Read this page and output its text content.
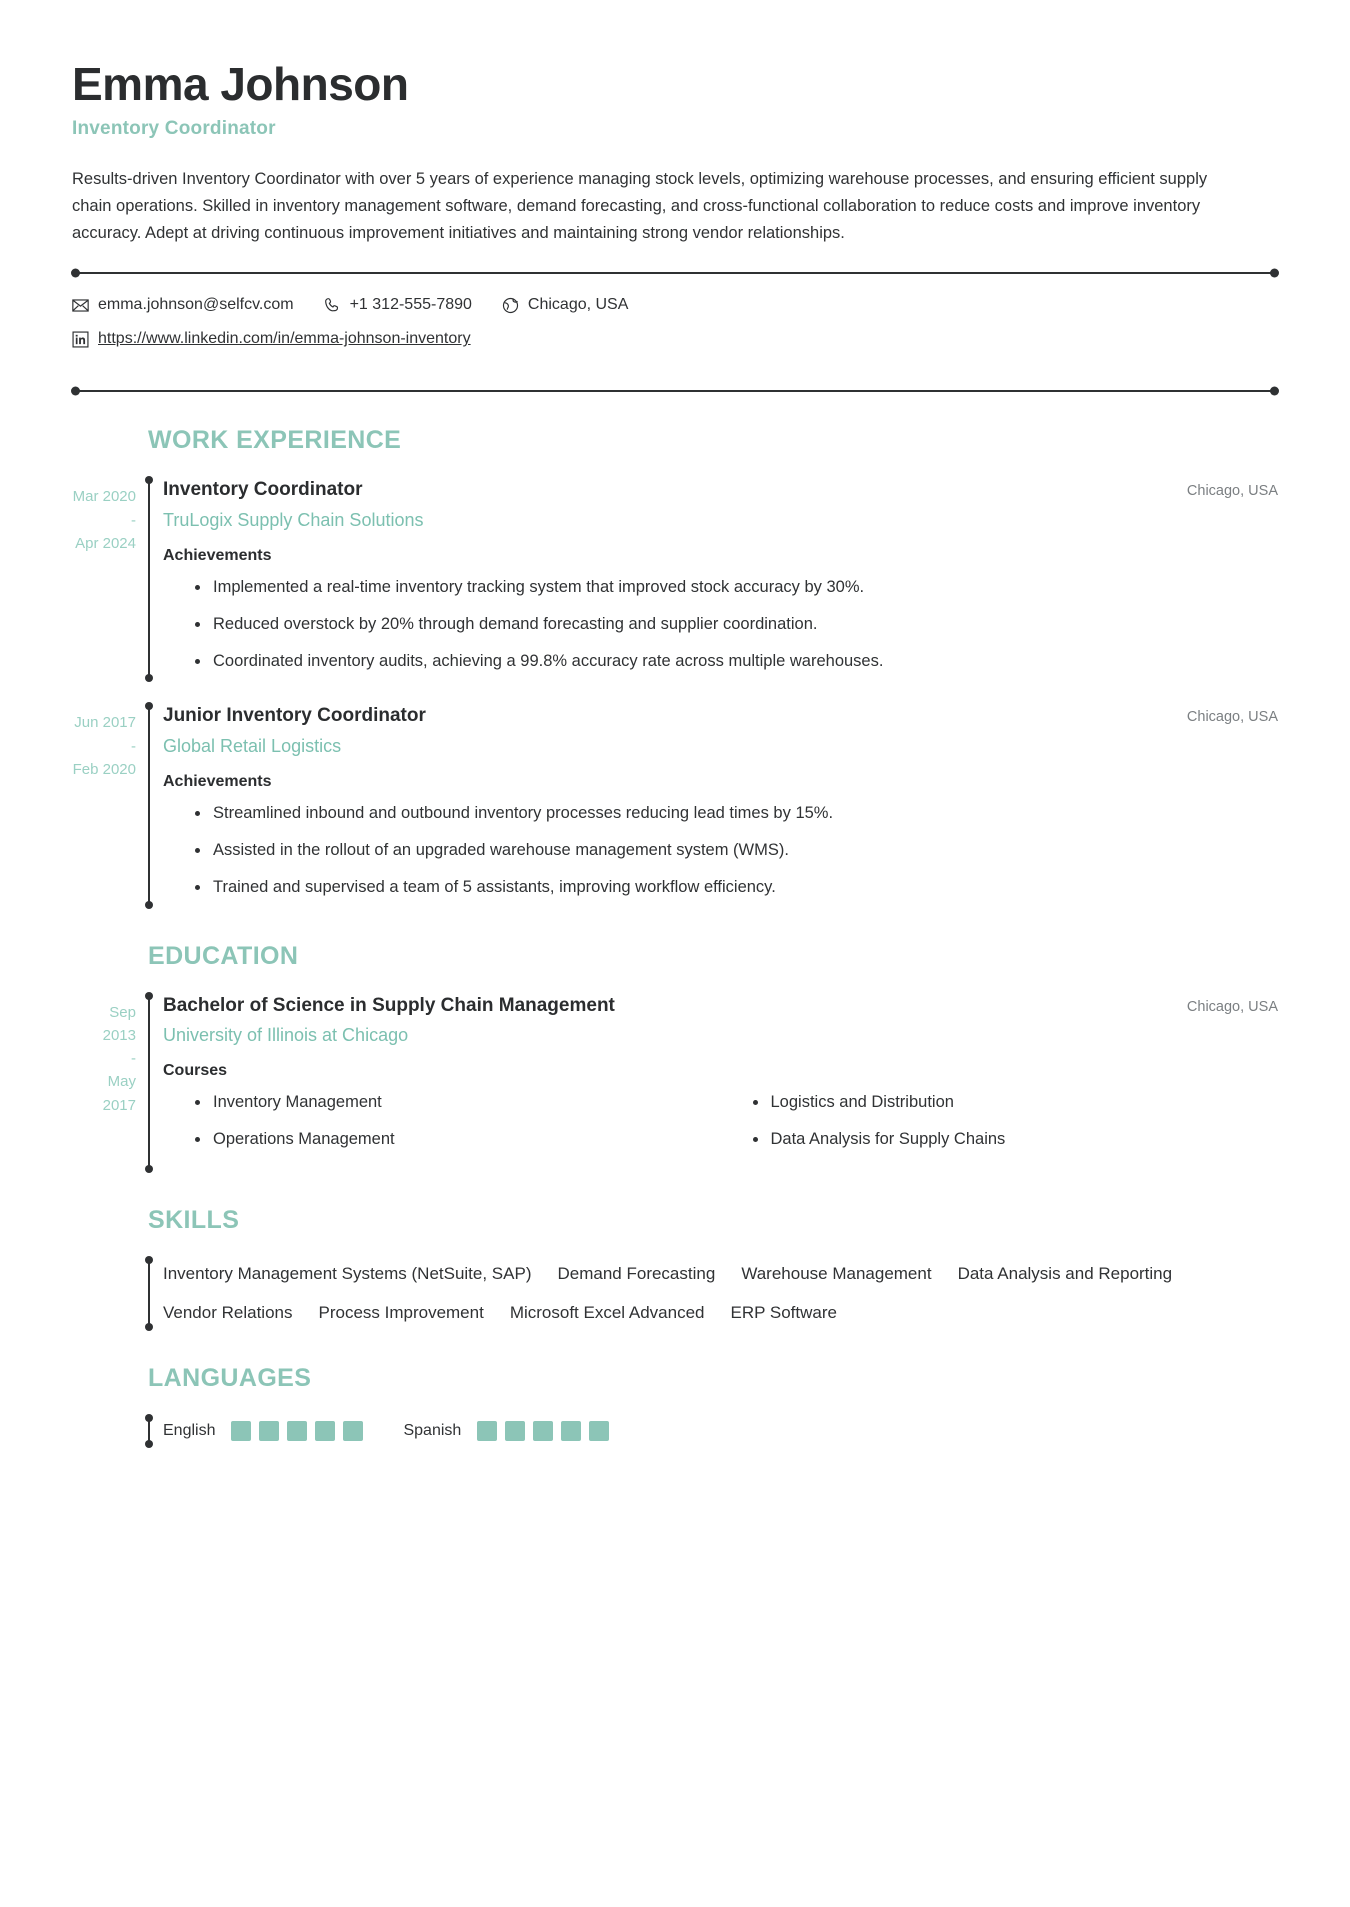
Emma Johnson
Inventory Coordinator
Results-driven Inventory Coordinator with over 5 years of experience managing stock levels, optimizing warehouse processes, and ensuring efficient supply chain operations. Skilled in inventory management software, demand forecasting, and cross-functional collaboration to reduce costs and improve inventory accuracy. Adept at driving continuous improvement initiatives and maintaining strong vendor relationships.
emma.johnson@selfcv.com	+1 312-555-7890	Chicago, USA
https://www.linkedin.com/in/emma-johnson-inventory
WORK EXPERIENCE
Mar 2020
-
Apr 2024
Inventory Coordinator	Chicago, USA
TruLogix Supply Chain Solutions
Achievements
Implemented a real-time inventory tracking system that improved stock accuracy by 30%.
Reduced overstock by 20% through demand forecasting and supplier coordination.
Coordinated inventory audits, achieving a 99.8% accuracy rate across multiple warehouses.
Jun 2017
-
Feb 2020
Junior Inventory Coordinator	Chicago, USA
Global Retail Logistics
Achievements
Streamlined inbound and outbound inventory processes reducing lead times by 15%.
Assisted in the rollout of an upgraded warehouse management system (WMS).
Trained and supervised a team of 5 assistants, improving workflow efficiency.
EDUCATION
Sep 2013
-
May 2017
Bachelor of Science in Supply Chain Management	Chicago, USA
University of Illinois at Chicago
Courses
Inventory Management	Logistics and Distribution
Operations Management	Data Analysis for Supply Chains
SKILLS
Inventory Management Systems (NetSuite, SAP) Demand Forecasting Warehouse Management Data Analysis and Reporting
Vendor Relations Process Improvement Microsoft Excel Advanced ERP Software
LANGUAGES
English	Spanish
